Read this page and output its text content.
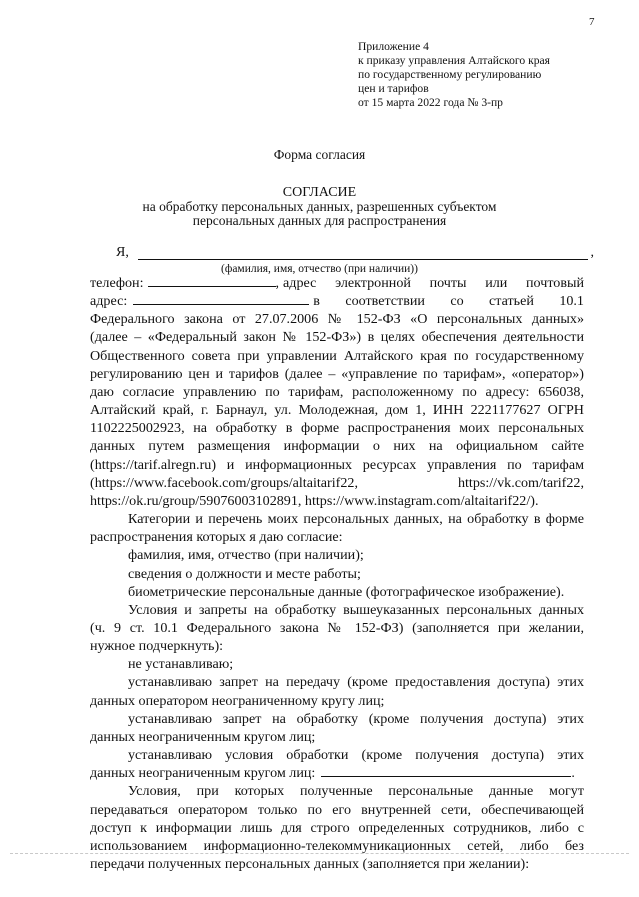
7
Приложение 4
к приказу управления Алтайского края
по государственному регулированию
цен и тарифов
от 15 марта 2022 года № 3-пр
Форма согласия
СОГЛАСИЕ
на обработку персональных данных, разрешенных субъектом
персональных данных для распространения
Я,	,
(фамилия, имя, отчество (при наличии))
телефон:	, адрес электронной почты или почтовый
адрес:	в соответствии со статьей 10.1

Федерального закона от 27.07.2006 № 152-ФЗ «О персональных данных»

(далее – «Федеральный закон № 152-ФЗ») в целях обеспечения деятельности

Общественного совета при управлении Алтайского края по государственному

регулированию цен и тарифов (далее – «управление по тарифам», «оператор»)

даю согласие управлению по тарифам, расположенному по адресу: 656038,

Алтайский край, г. Барнаул, ул. Молодежная, дом 1, ИНН 2221177627 ОГРН

1102225002923, на обработку в форме распространения моих персональных

данных путем размещения информации о них на официальном сайте

(https://tarif.alregn.ru) и информационных ресурсах управления по тарифам

(https://www.facebook.com/groups/altaitarif22,                    https://vk.com/tarif22,

https://ok.ru/group/59076003102891, https://www.instagram.com/altaitarif22/).

Категории и перечень моих персональных данных, на обработку в форме

распространения которых я даю согласие:

фамилия, имя, отчество (при наличии);

сведения о должности и месте работы;

биометрические персональные данные (фотографическое изображение).

Условия и запреты на обработку вышеуказанных персональных данных

(ч. 9 ст. 10.1 Федерального закона № 152-ФЗ) (заполняется при желании,

нужное подчеркнуть):

не устанавливаю;

устанавливаю запрет на передачу (кроме предоставления доступа) этих

данных оператором неограниченному кругу лиц;

устанавливаю запрет на обработку (кроме получения доступа) этих

данных неограниченным кругом лиц;

устанавливаю условия обработки (кроме получения доступа) этих

данных неограниченным кругом лиц:	.

Условия, при которых полученные персональные данные могут

передаваться оператором только по его внутренней сети, обеспечивающей

доступ к информации лишь для строго определенных сотрудников, либо с

использованием информационно-телекоммуникационных сетей, либо без

передачи полученных персональных данных (заполняется при желании):
